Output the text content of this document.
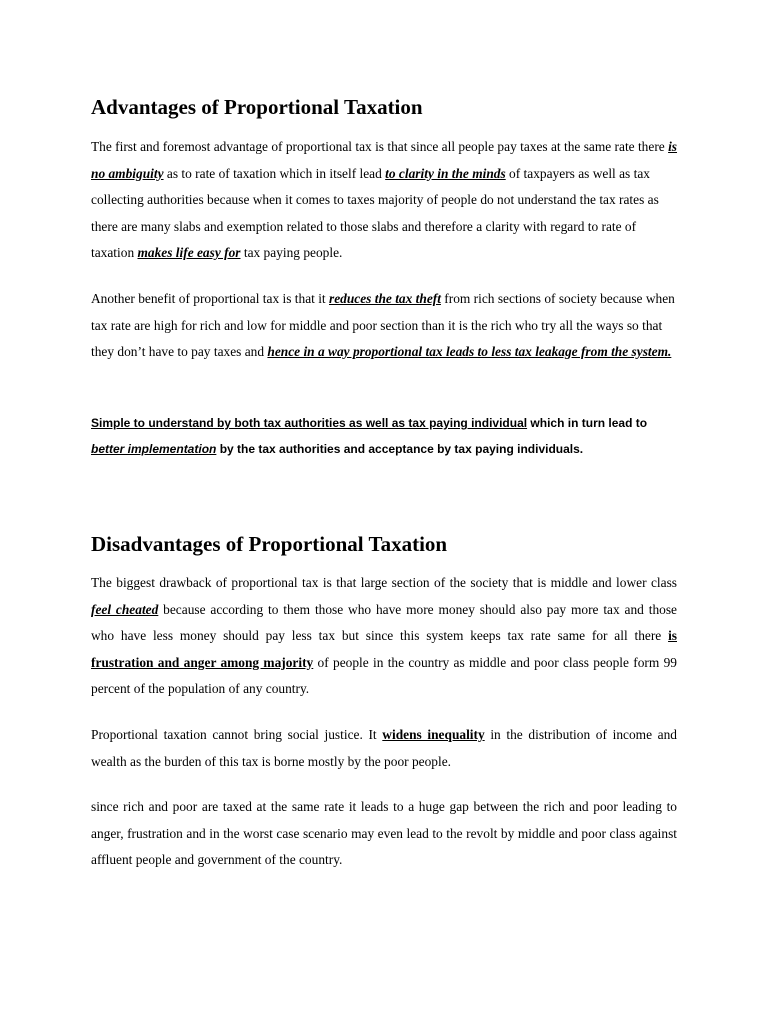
Advantages of Proportional Taxation

The first and foremost advantage of proportional tax is that since all people pay taxes at the same rate there is no ambiguity as to rate of taxation which in itself lead to clarity in the minds of taxpayers as well as tax collecting authorities because when it comes to taxes majority of people do not understand the tax rates as there are many slabs and exemption related to those slabs and therefore a clarity with regard to rate of taxation makes life easy for tax paying people.

Another benefit of proportional tax is that it reduces the tax theft from rich sections of society because when tax rate are high for rich and low for middle and poor section than it is the rich who try all the ways so that they don’t have to pay taxes and hence in a way proportional tax leads to less tax leakage from the system.

Simple to understand by both tax authorities as well as tax paying individual which in turn lead to better implementation by the tax authorities and acceptance by tax paying individuals.

Disadvantages of Proportional Taxation

The biggest drawback of proportional tax is that large section of the society that is middle and lower class feel cheated because according to them those who have more money should also pay more tax and those who have less money should pay less tax but since this system keeps tax rate same for all there is frustration and anger among majority of people in the country as middle and poor class people form 99 percent of the population of any country.

Proportional taxation cannot bring social justice. It widens inequality in the distribution of income and wealth as the burden of this tax is borne mostly by the poor people.

since rich and poor are taxed at the same rate it leads to a huge gap between the rich and poor leading to anger, frustration and in the worst case scenario may even lead to the revolt by middle and poor class against affluent people and government of the country.
